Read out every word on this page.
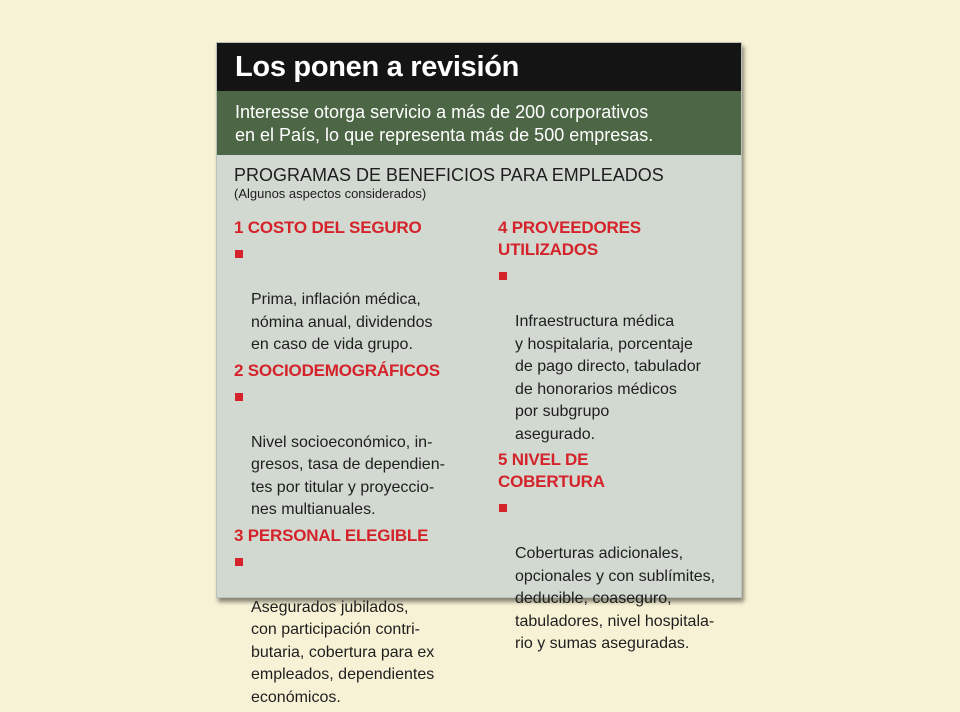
Los ponen a revisión
Interesse otorga servicio a más de 200 corporativos
en el País, lo que representa más de 500 empresas.
PROGRAMAS DE BENEFICIOS PARA EMPLEADOS
(Algunos aspectos considerados)
1 COSTO DEL SEGURO

Prima, inflación médica,
nómina anual, dividendos
en caso de vida grupo.

2 SOCIODEMOGRÁFICOS

Nivel socioeconómico, in-
gresos, tasa de dependien-
tes por titular y proyeccio-
nes multianuales.

3 PERSONAL ELEGIBLE

Asegurados jubilados,
con participación contri-
butaria, cobertura para ex
empleados, dependientes
económicos.

4 PROVEEDORES
UTILIZADOS

Infraestructura médica
y hospitalaria, porcentaje
de pago directo, tabulador
de honorarios médicos
por subgrupo
asegurado.

5 NIVEL DE
COBERTURA

Coberturas adicionales,
opcionales y con sublímites,
deducible, coaseguro,
tabuladores, nivel hospitala-
rio y sumas aseguradas.
